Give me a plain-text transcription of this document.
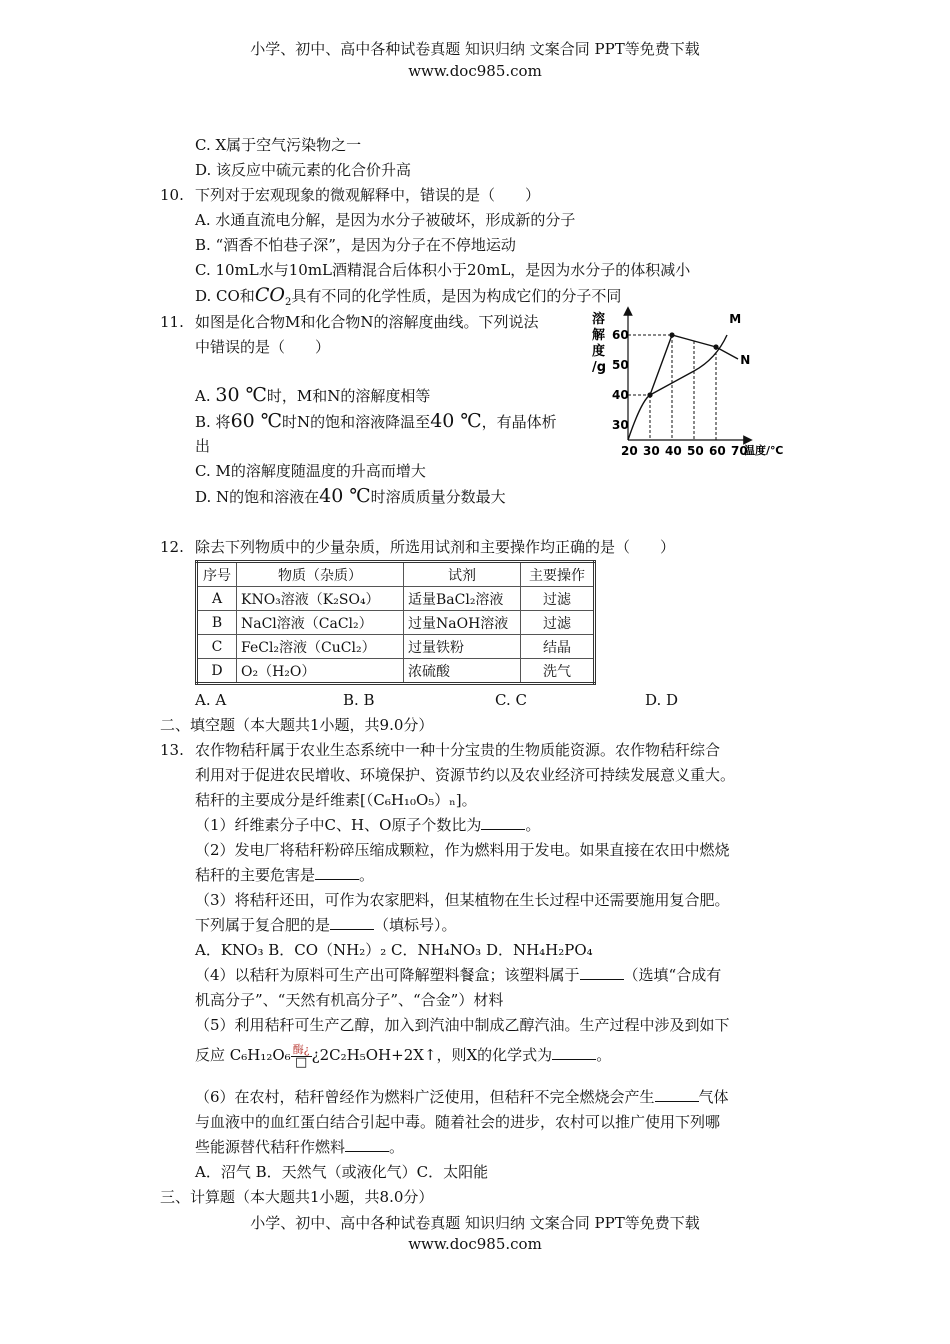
小学、初中、高中各种试卷真题 知识归纳 文案合同 PPT等免费下载
www.doc985.com
C. X属于空气污染物之一
D. 该反应中硫元素的化合价升高
10. 下列对于宏观现象的微观解释中，错误的是（　　）
A. 水通直流电分解，是因为水分子被破坏，形成新的分子
B. “酒香不怕巷子深”，是因为分子在不停地运动
C. 10mL水与10mL酒精混合后体积小于20mL，是因为水分子的体积减小
D. CO和$CO_2$具有不同的化学性质，是因为构成它们的分子不同
11. 如图是化合物M和化合物N的溶解度曲线。下列说法
中错误的是（　　）
A. 30 ℃时，M和N的溶解度相等
B. 将60 ℃时N的饱和溶液降温至40 ℃，有晶体析
出
C. M的溶解度随温度的升高而增大
D. N的饱和溶液在40 ℃时溶质质量分数最大
溶
解
度
/g
30
40
50
60
20 30 40 50 60 70
M
N
温度/℃
12. 除去下列物质中的少量杂质，所选用试剂和主要操作均正确的是（　　）
序号	物质（杂质）	试剂	主要操作
A	KNO₃溶液（K₂SO₄）	适量BaCl₂溶液	过滤
B	NaCl溶液（CaCl₂）	过量NaOH溶液	过滤
C	FeCl₂溶液（CuCl₂）	过量铁粉	结晶
D	O₂（H₂O）	浓硫酸	洗气
A. A	B. B	C. C	D. D
二、填空题（本大题共1小题，共9.0分）
13. 农作物秸秆属于农业生态系统中一种十分宝贵的生物质能资源。农作物秸秆综合
利用对于促进农民增收、环境保护、资源节约以及农业经济可持续发展意义重大。
秸秆的主要成分是纤维素[（C₆H₁₀O₅）ₙ]。
（1）纤维素分子中C、H、O原子个数比为	。
（2）发电厂将秸秆粉碎压缩成颗粒，作为燃料用于发电。如果直接在农田中燃烧
秸秆的主要危害是	。
（3）将秸秆还田，可作为农家肥料，但某植物在生长过程中还需要施用复合肥。
下列属于复合肥的是	（填标号）。
A．KNO₃ B．CO（NH₂）₂ C．NH₄NO₃ D．NH₄H₂PO₄
（4）以秸秆为原料可生产出可降解塑料餐盒；该塑料属于	（选填“合成有
机高分子”、“天然有机高分子”、“合金”）材料
（5）利用秸秆可生产乙醇，加入到汽油中制成乙醇汽油。生产过程中涉及到如下
反应 $C_6H_{12}O_6 \frac{\text{酶¿}}{□}$ ¿2C₂H₅OH+2X↑，则X的化学式为	。
（6）在农村，秸秆曾经作为燃料广泛使用，但秸秆不完全燃烧会产生	气体
与血液中的血红蛋白结合引起中毒。随着社会的进步，农村可以推广使用下列哪
些能源替代秸秆作燃料	。
A．沼气 B．天然气（或液化气）C．太阳能
三、计算题（本大题共1小题，共8.0分）
小学、初中、高中各种试卷真题 知识归纳 文案合同 PPT等免费下载
www.doc985.com
